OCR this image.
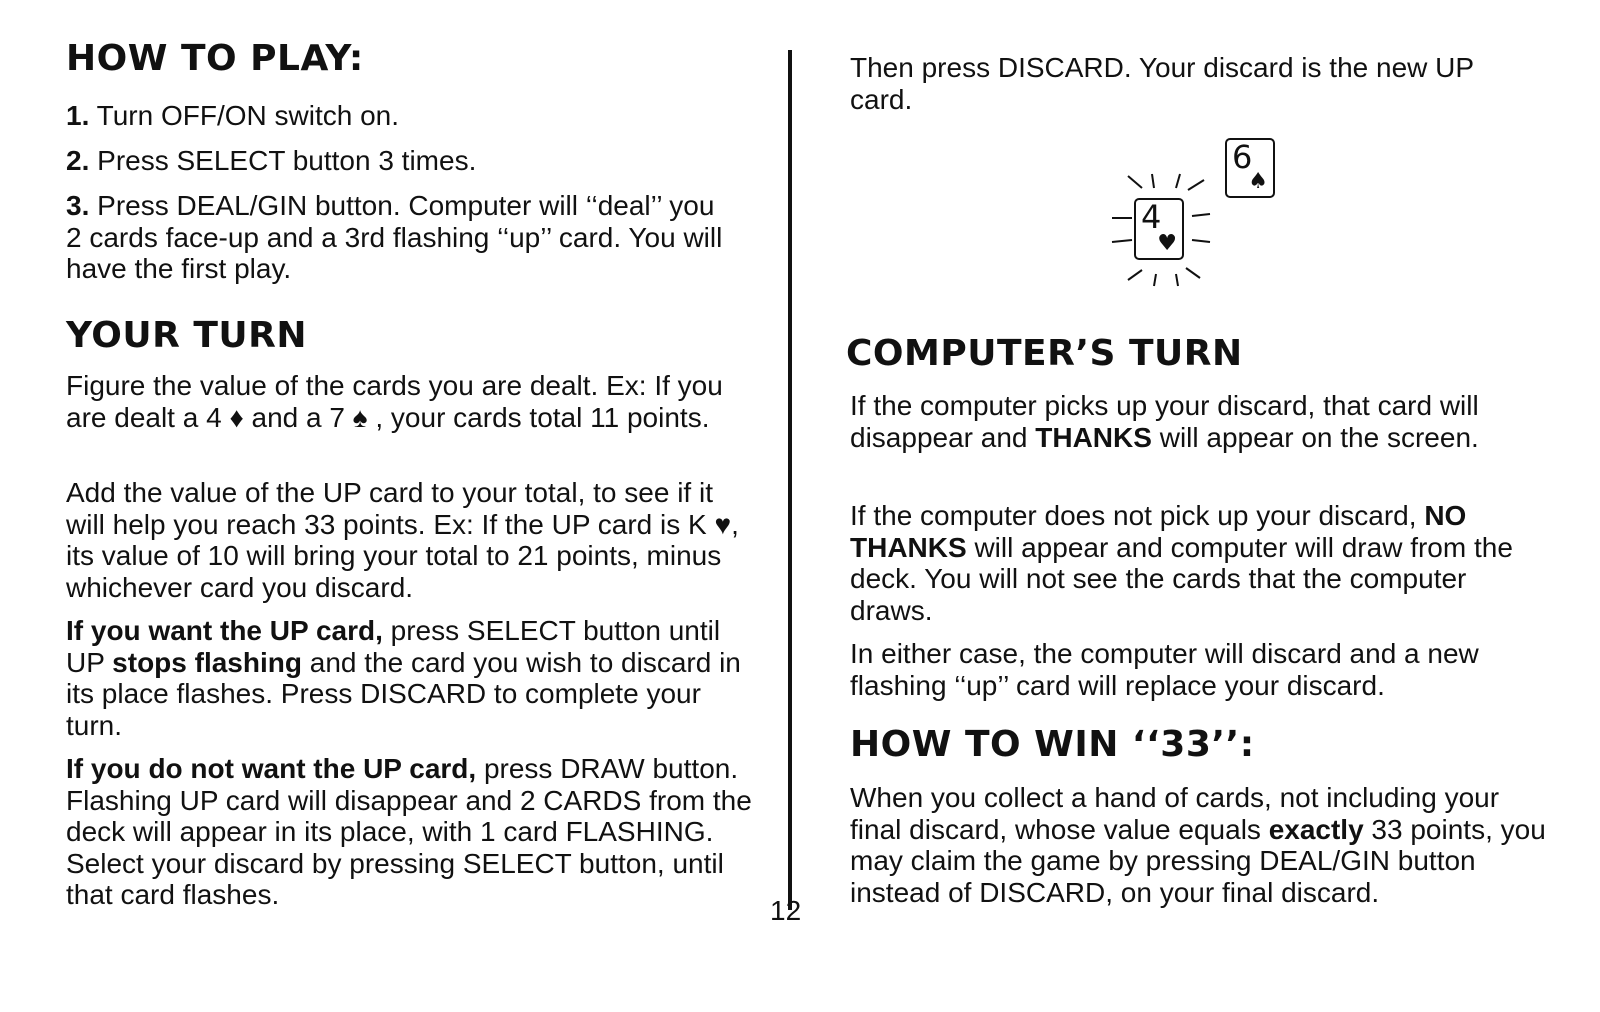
HOW TO PLAY:

1. Turn OFF/ON switch on.

2. Press SELECT button 3 times.

3. Press DEAL/GIN button. Computer will ‘‘deal’’ you 2 cards face-up and a 3rd flashing ‘‘up’’ card. You will have the first play.

YOUR TURN

Figure the value of the cards you are dealt. Ex: If you are dealt a 4 ♦ and a 7 ♠ , your cards total 11 points.

Add the value of the UP card to your total, to see if it will help you reach 33 points. Ex: If the UP card is K ♥, its value of 10 will bring your total to 21 points, minus whichever card you discard.

If you want the UP card, press SELECT button until UP stops flashing and the card you wish to discard in its place flashes. Press DISCARD to complete your turn.

If you do not want the UP card, press DRAW button. Flashing UP card will disappear and 2 CARDS from the deck will appear in its place, with 1 card FLASHING. Select your discard by pressing SELECT button, until that card flashes.

12

Then press DISCARD. Your discard is the new UP card.

4
♥
6
♠
COMPUTER’S TURN

If the computer picks up your discard, that card will disappear and THANKS will appear on the screen.

If the computer does not pick up your discard, NO THANKS will appear and computer will draw from the deck. You will not see the cards that the computer draws.

In either case, the computer will discard and a new flashing ‘‘up’’ card will replace your discard.

HOW TO WIN ‘‘33’’:

When you collect a hand of cards, not including your final discard, whose value equals exactly 33 points, you may claim the game by pressing DEAL/GIN button instead of DISCARD, on your final discard.
